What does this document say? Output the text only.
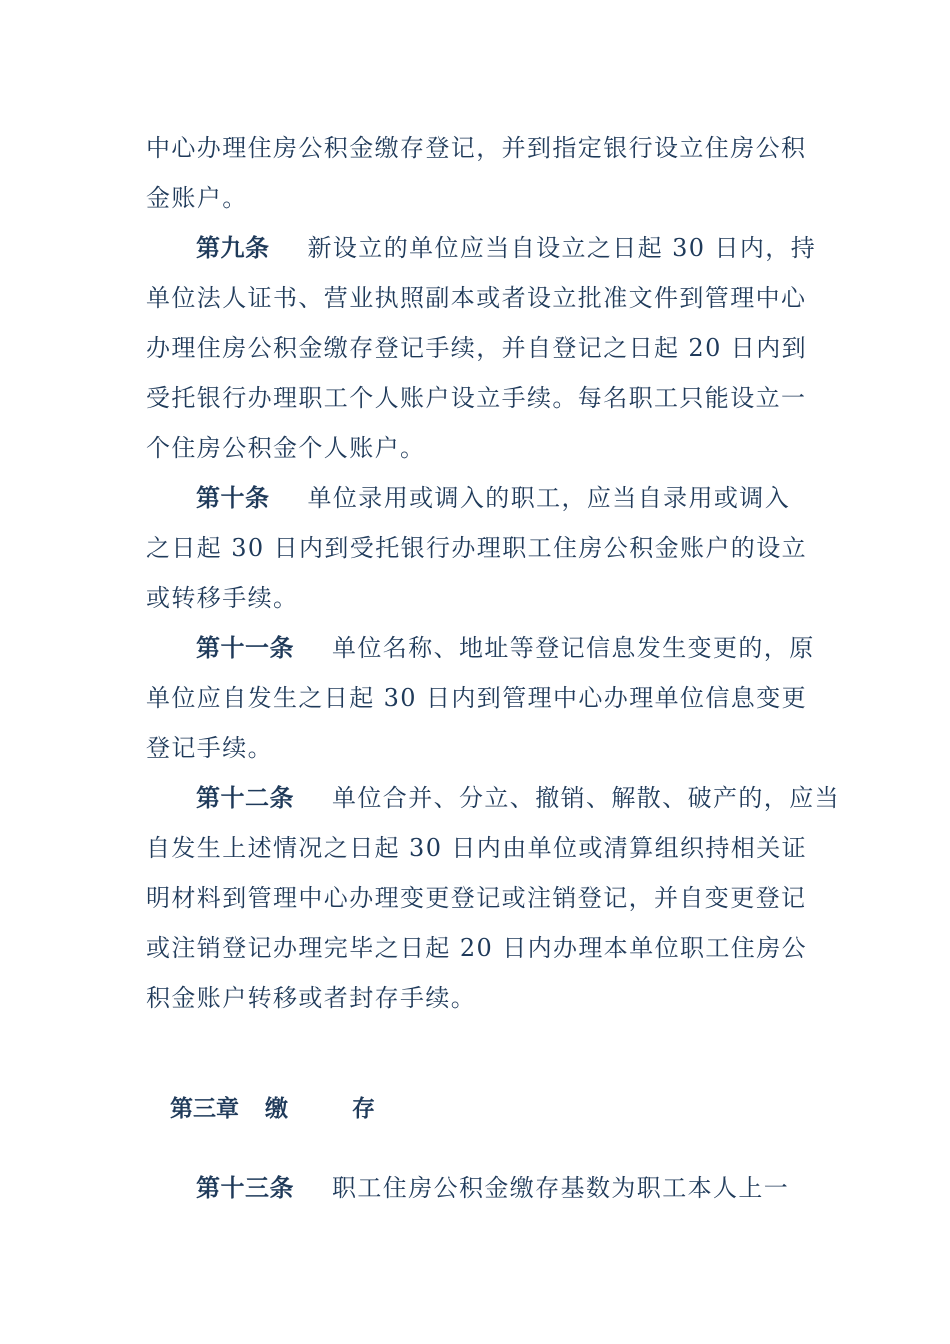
中心办理住房公积金缴存登记，并到指定银行设立住房公积
金账户。
第九条 新设立的单位应当自设立之日起 30 日内，持
单位法人证书、营业执照副本或者设立批准文件到管理中心
办理住房公积金缴存登记手续，并自登记之日起 20 日内到
受托银行办理职工个人账户设立手续。每名职工只能设立一
个住房公积金个人账户。
第十条 单位录用或调入的职工，应当自录用或调入
之日起 30 日内到受托银行办理职工住房公积金账户的设立
或转移手续。
第十一条 单位名称、地址等登记信息发生变更的，原
单位应自发生之日起 30 日内到管理中心办理单位信息变更
登记手续。
第十二条 单位合并、分立、撤销、解散、破产的，应当
自发生上述情况之日起 30 日内由单位或清算组织持相关证
明材料到管理中心办理变更登记或注销登记，并自变更登记
或注销登记办理完毕之日起 20 日内办理本单位职工住房公
积金账户转移或者封存手续。
第三章 缴	存
第十三条 职工住房公积金缴存基数为职工本人上一
